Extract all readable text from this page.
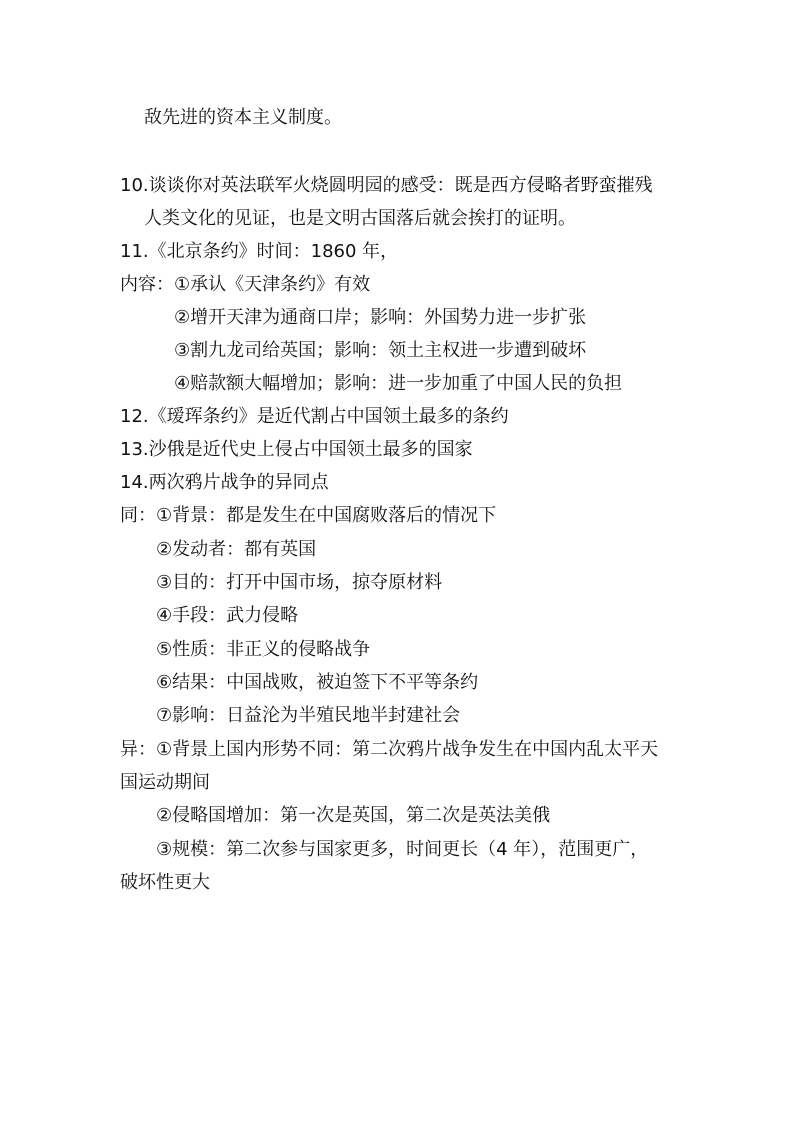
敌先进的资本主义制度。
10.谈谈你对英法联军火烧圆明园的感受：既是西方侵略者野蛮摧残
人类文化的见证，也是文明古国落后就会挨打的证明。
11.《北京条约》时间：1860 年，
内容：①承认《天津条约》有效
②增开天津为通商口岸；影响：外国势力进一步扩张
③割九龙司给英国；影响：领土主权进一步遭到破坏
④赔款额大幅增加；影响：进一步加重了中国人民的负担
12.《瑷珲条约》是近代割占中国领土最多的条约
13.沙俄是近代史上侵占中国领土最多的国家
14.两次鸦片战争的异同点
同：①背景：都是发生在中国腐败落后的情况下
②发动者：都有英国
③目的：打开中国市场，掠夺原材料
④手段：武力侵略
⑤性质：非正义的侵略战争
⑥结果：中国战败，被迫签下不平等条约
⑦影响：日益沦为半殖民地半封建社会
异：①背景上国内形势不同：第二次鸦片战争发生在中国内乱太平天
国运动期间
②侵略国增加：第一次是英国，第二次是英法美俄
③规模：第二次参与国家更多，时间更长（4 年），范围更广，
破坏性更大
